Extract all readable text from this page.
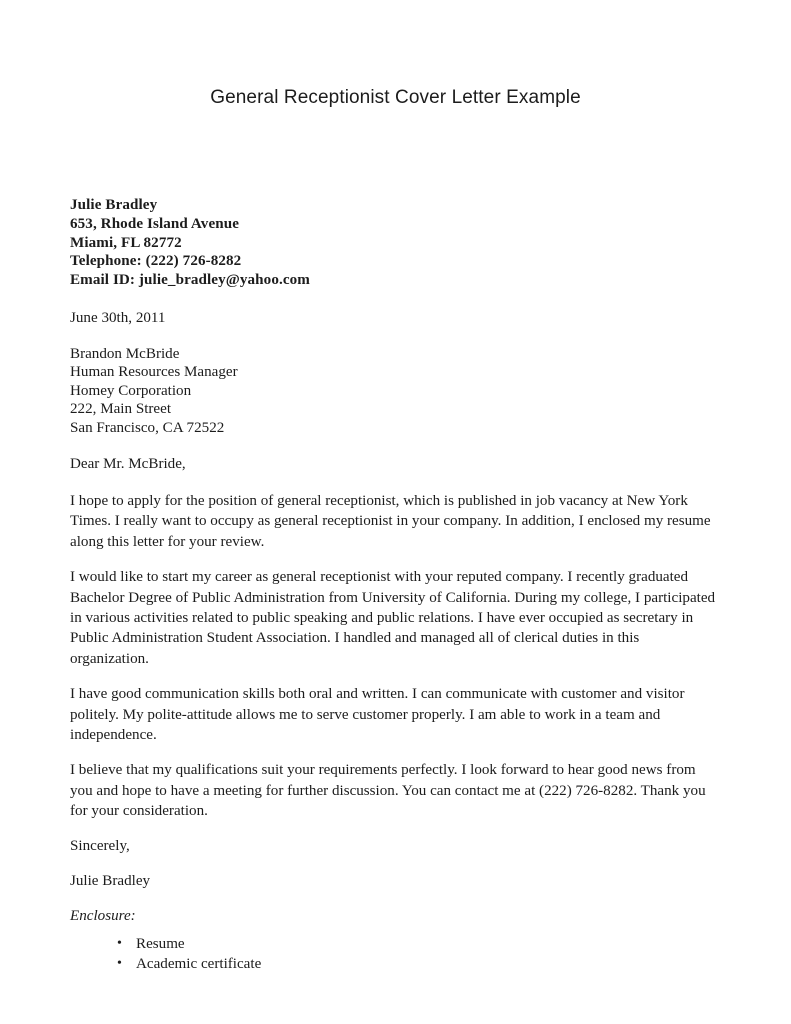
General Receptionist Cover Letter Example
Julie Bradley
653, Rhode Island Avenue
Miami, FL 82772
Telephone: (222) 726-8282
Email ID: julie_bradley@yahoo.com
June 30th, 2011
Brandon McBride
Human Resources Manager
Homey Corporation
222, Main Street
San Francisco, CA 72522
Dear Mr. McBride,

I hope to apply for the position of general receptionist, which is published in job vacancy at New York Times. I really want to occupy as general receptionist in your company. In addition, I enclosed my resume along this letter for your review.

I would like to start my career as general receptionist with your reputed company. I recently graduated Bachelor Degree of Public Administration from University of California. During my college, I participated in various activities related to public speaking and public relations. I have ever occupied as secretary in Public Administration Student Association. I handled and managed all of clerical duties in this organization.

I have good communication skills both oral and written. I can communicate with customer and visitor politely. My polite-attitude allows me to serve customer properly. I am able to work in a team and independence.

I believe that my qualifications suit your requirements perfectly. I look forward to hear good news from you and hope to have a meeting for further discussion. You can contact me at (222) 726-8282. Thank you for your consideration.

Sincerely,
Julie Bradley
Enclosure:
• Resume
• Academic certificate
